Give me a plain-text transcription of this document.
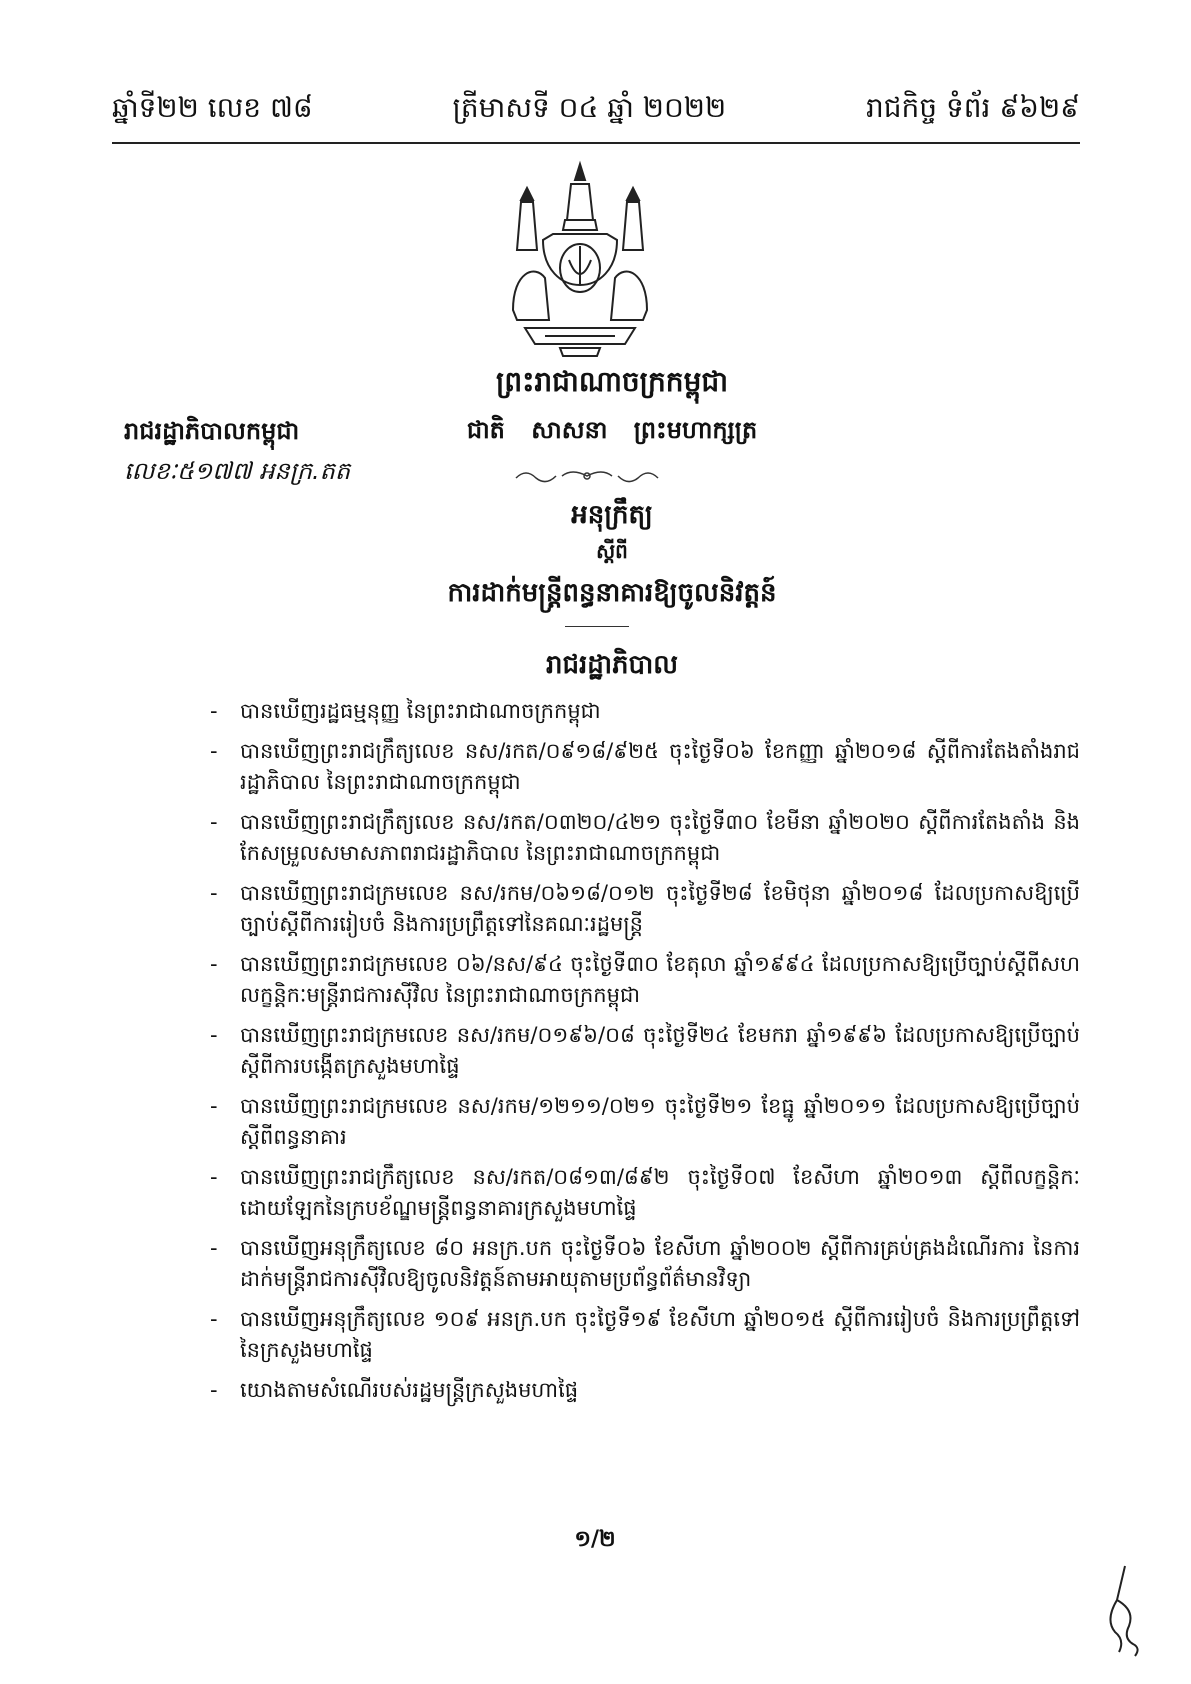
ឆ្នាំទី២២ លេខ ៧៨	ត្រីមាសទី ០៤ ឆ្នាំ ២០២២	រាជកិច្ច ទំព័រ ៩៦២៩
ព្រះរាជាណាចក្រកម្ពុជា
ជាតិ សាសនា ព្រះមហាក្សត្រ
រាជរដ្ឋាភិបាលកម្ពុជា
លេខៈ៥១៧៧ អនក្រ.តត
អនុក្រឹត្យ
ស្តីពី
ការដាក់មន្ត្រីពន្ធនាគារឱ្យចូលនិវត្តន៍
រាជរដ្ឋាភិបាល
- បានឃើញរដ្ឋធម្មនុញ្ញ នៃព្រះរាជាណាចក្រកម្ពុជា
- បានឃើញព្រះរាជក្រឹត្យលេខ នស/រកត/០៩១៨/៩២៥ ចុះថ្ងៃទី០៦ ខែកញ្ញា ឆ្នាំ២០១៨ ស្តីពីការតែងតាំងរាជរដ្ឋាភិបាល នៃព្រះរាជាណាចក្រកម្ពុជា
- បានឃើញព្រះរាជក្រឹត្យលេខ នស/រកត/០៣២០/៤២១ ចុះថ្ងៃទី៣០ ខែមីនា ឆ្នាំ២០២០ ស្តីពីការតែងតាំង និង កែសម្រួលសមាសភាពរាជរដ្ឋាភិបាល នៃព្រះរាជាណាចក្រកម្ពុជា
- បានឃើញព្រះរាជក្រមលេខ នស/រកម/០៦១៨/០១២ ចុះថ្ងៃទី២៨ ខែមិថុនា ឆ្នាំ២០១៨ ដែលប្រកាសឱ្យប្រើច្បាប់ស្តីពីការរៀបចំ និងការប្រព្រឹត្តទៅនៃគណៈរដ្ឋមន្ត្រី
- បានឃើញព្រះរាជក្រមលេខ ០៦/នស/៩៤ ចុះថ្ងៃទី៣០ ខែតុលា ឆ្នាំ១៩៩៤ ដែលប្រកាសឱ្យប្រើច្បាប់ស្តីពីសហលក្ខន្តិកៈមន្ត្រីរាជការស៊ីវិល នៃព្រះរាជាណាចក្រកម្ពុជា
- បានឃើញព្រះរាជក្រមលេខ នស/រកម/០១៩៦/០៨ ចុះថ្ងៃទី២៤ ខែមករា ឆ្នាំ១៩៩៦ ដែលប្រកាសឱ្យប្រើច្បាប់ស្តីពីការបង្កើតក្រសួងមហាផ្ទៃ
- បានឃើញព្រះរាជក្រមលេខ នស/រកម/១២១១/០២១ ចុះថ្ងៃទី២១ ខែធ្នូ ឆ្នាំ២០១១ ដែលប្រកាសឱ្យប្រើច្បាប់ស្តីពីពន្ធនាគារ
- បានឃើញព្រះរាជក្រឹត្យលេខ នស/រកត/០៨១៣/៨៩២ ចុះថ្ងៃទី០៧ ខែសីហា ឆ្នាំ២០១៣ ស្តីពីលក្ខន្តិកៈដោយឡែកនៃក្របខ័ណ្ឌមន្ត្រីពន្ធនាគារក្រសួងមហាផ្ទៃ
- បានឃើញអនុក្រឹត្យលេខ ៨០ អនក្រ.បក ចុះថ្ងៃទី០៦ ខែសីហា ឆ្នាំ២០០២ ស្តីពីការគ្រប់គ្រងដំណើរការ នៃការដាក់មន្ត្រីរាជការស៊ីវិលឱ្យចូលនិវត្តន៍តាមអាយុតាមប្រព័ន្ធព័ត៌មានវិទ្យា
- បានឃើញអនុក្រឹត្យលេខ ១០៩ អនក្រ.បក ចុះថ្ងៃទី១៩ ខែសីហា ឆ្នាំ២០១៥ ស្តីពីការរៀបចំ និងការប្រព្រឹត្តទៅនៃក្រសួងមហាផ្ទៃ
- យោងតាមសំណើរបស់រដ្ឋមន្ត្រីក្រសួងមហាផ្ទៃ
១/២
